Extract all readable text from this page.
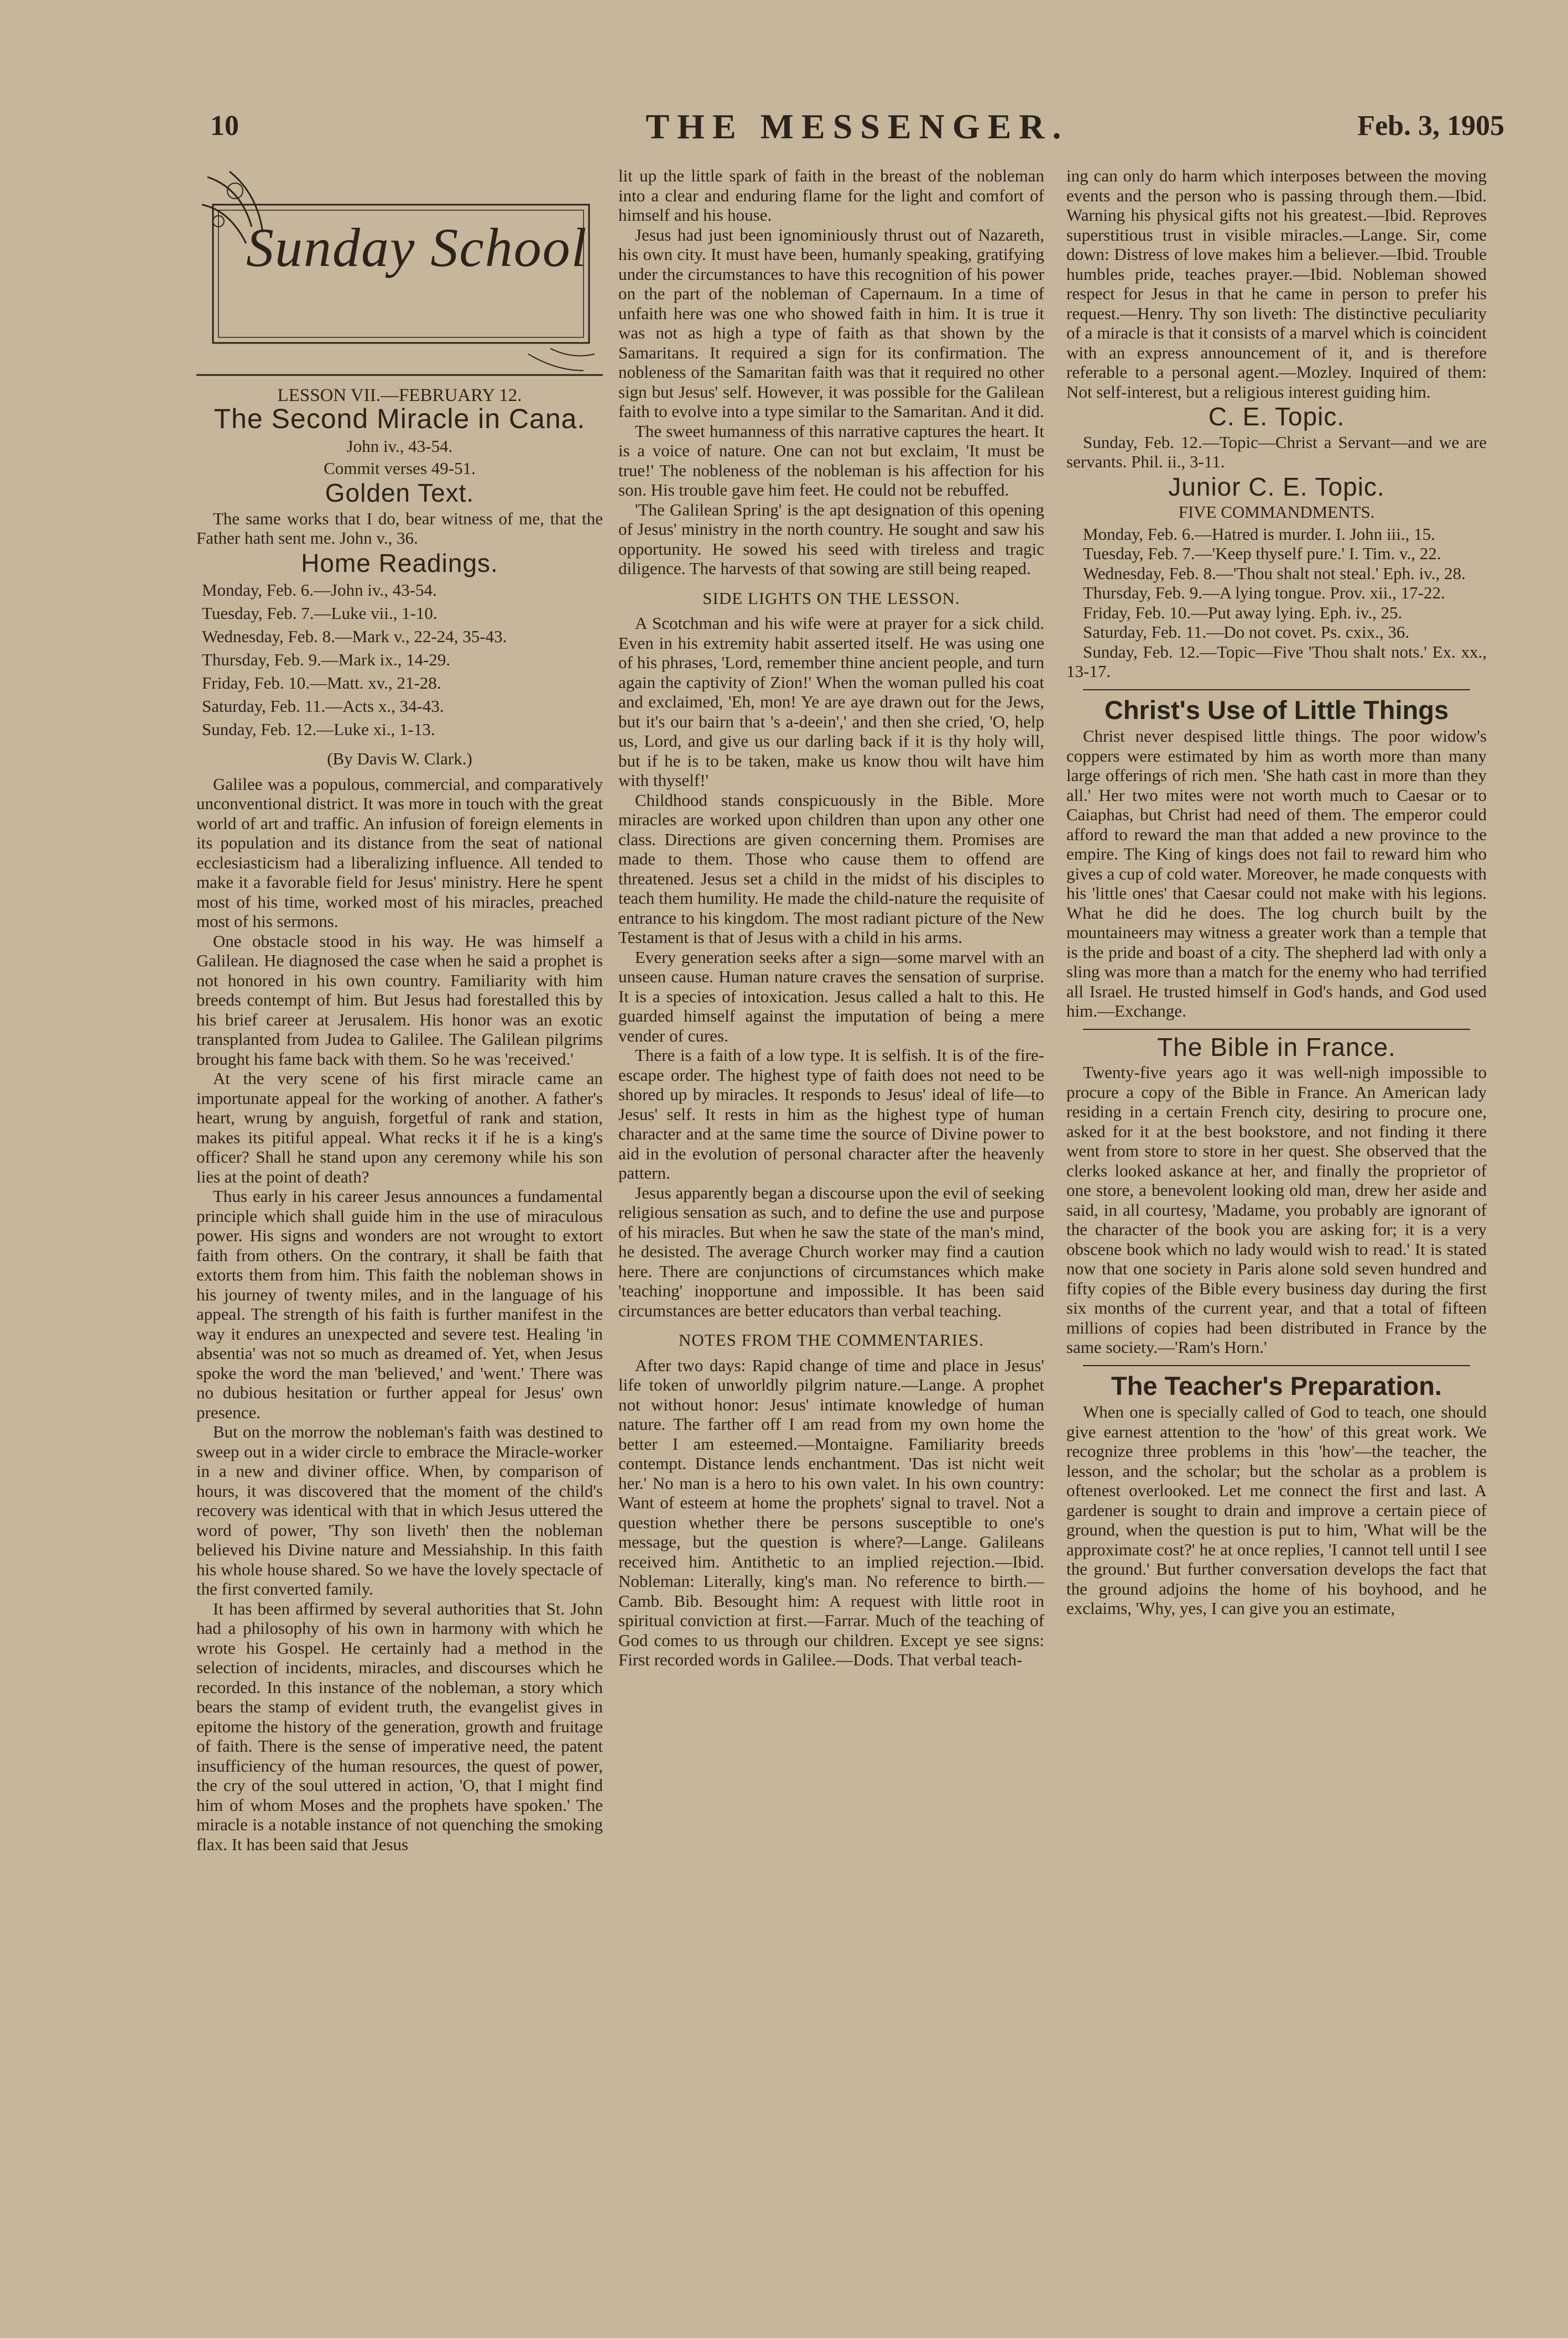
10	THE MESSENGER.	Feb. 3, 1905
Sunday School
LESSON VII.—FEBRUARY 12.
The Second Miracle in Cana.
John iv., 43-54.
Commit verses 49-51.
Golden Text.

The same works that I do, bear witness of me, that the Father hath sent me. John v., 36.

Home Readings.
Monday, Feb. 6.—John iv., 43-54.
Tuesday, Feb. 7.—Luke vii., 1-10.
Wednesday, Feb. 8.—Mark v., 22-24, 35-43.
Thursday, Feb. 9.—Mark ix., 14-29.
Friday, Feb. 10.—Matt. xv., 21-28.
Saturday, Feb. 11.—Acts x., 34-43.
Sunday, Feb. 12.—Luke xi., 1-13.
(By Davis W. Clark.)

Galilee was a populous, commercial, and comparatively unconventional district. It was more in touch with the great world of art and traffic. An infusion of foreign elements in its population and its distance from the seat of national ecclesiasticism had a liberalizing influence. All tended to make it a favorable field for Jesus' ministry. Here he spent most of his time, worked most of his miracles, preached most of his sermons.

One obstacle stood in his way. He was himself a Galilean. He diagnosed the case when he said a prophet is not honored in his own country. Familiarity with him breeds contempt of him. But Jesus had forestalled this by his brief career at Jerusalem. His honor was an exotic transplanted from Judea to Galilee. The Galilean pilgrims brought his fame back with them. So he was 'received.'

At the very scene of his first miracle came an importunate appeal for the working of another. A father's heart, wrung by anguish, forgetful of rank and station, makes its pitiful appeal. What recks it if he is a king's officer? Shall he stand upon any ceremony while his son lies at the point of death?

Thus early in his career Jesus announces a fundamental principle which shall guide him in the use of miraculous power. His signs and wonders are not wrought to extort faith from others. On the contrary, it shall be faith that extorts them from him. This faith the nobleman shows in his journey of twenty miles, and in the language of his appeal. The strength of his faith is further manifest in the way it endures an unexpected and severe test. Healing 'in absentia' was not so much as dreamed of. Yet, when Jesus spoke the word the man 'believed,' and 'went.' There was no dubious hesitation or further appeal for Jesus' own presence.

But on the morrow the nobleman's faith was destined to sweep out in a wider circle to embrace the Miracle-worker in a new and diviner office. When, by comparison of hours, it was discovered that the moment of the child's recovery was identical with that in which Jesus uttered the word of power, 'Thy son liveth' then the nobleman believed his Divine nature and Messiahship. In this faith his whole house shared. So we have the lovely spectacle of the first converted family.

It has been affirmed by several authorities that St. John had a philosophy of his own in harmony with which he wrote his Gospel. He certainly had a method in the selection of incidents, miracles, and discourses which he recorded. In this instance of the nobleman, a story which bears the stamp of evident truth, the evangelist gives in epitome the history of the generation, growth and fruitage of faith. There is the sense of imperative need, the patent insufficiency of the human resources, the quest of power, the cry of the soul uttered in action, 'O, that I might find him of whom Moses and the prophets have spoken.' The miracle is a notable instance of not quenching the smoking flax. It has been said that Jesus

lit up the little spark of faith in the breast of the nobleman into a clear and enduring flame for the light and comfort of himself and his house.

Jesus had just been ignominiously thrust out of Nazareth, his own city. It must have been, humanly speaking, gratifying under the circumstances to have this recognition of his power on the part of the nobleman of Capernaum. In a time of unfaith here was one who showed faith in him. It is true it was not as high a type of faith as that shown by the Samaritans. It required a sign for its confirmation. The nobleness of the Samaritan faith was that it required no other sign but Jesus' self. However, it was possible for the Galilean faith to evolve into a type similar to the Samaritan. And it did.

The sweet humanness of this narrative captures the heart. It is a voice of nature. One can not but exclaim, 'It must be true!' The nobleness of the nobleman is his affection for his son. His trouble gave him feet. He could not be rebuffed.

'The Galilean Spring' is the apt designation of this opening of Jesus' ministry in the north country. He sought and saw his opportunity. He sowed his seed with tireless and tragic diligence. The harvests of that sowing are still being reaped.

SIDE LIGHTS ON THE LESSON.

A Scotchman and his wife were at prayer for a sick child. Even in his extremity habit asserted itself. He was using one of his phrases, 'Lord, remember thine ancient people, and turn again the captivity of Zion!' When the woman pulled his coat and exclaimed, 'Eh, mon! Ye are aye drawn out for the Jews, but it's our bairn that 's a-deein',' and then she cried, 'O, help us, Lord, and give us our darling back if it is thy holy will, but if he is to be taken, make us know thou wilt have him with thyself!'

Childhood stands conspicuously in the Bible. More miracles are worked upon children than upon any other one class. Directions are given concerning them. Promises are made to them. Those who cause them to offend are threatened. Jesus set a child in the midst of his disciples to teach them humility. He made the child-nature the requisite of entrance to his kingdom. The most radiant picture of the New Testament is that of Jesus with a child in his arms.

Every generation seeks after a sign—some marvel with an unseen cause. Human nature craves the sensation of surprise. It is a species of intoxication. Jesus called a halt to this. He guarded himself against the imputation of being a mere vender of cures.

There is a faith of a low type. It is selfish. It is of the fire-escape order. The highest type of faith does not need to be shored up by miracles. It responds to Jesus' ideal of life—to Jesus' self. It rests in him as the highest type of human character and at the same time the source of Divine power to aid in the evolution of personal character after the heavenly pattern.

Jesus apparently began a discourse upon the evil of seeking religious sensation as such, and to define the use and purpose of his miracles. But when he saw the state of the man's mind, he desisted. The average Church worker may find a caution here. There are conjunctions of circumstances which make 'teaching' inopportune and impossible. It has been said circumstances are better educators than verbal teaching.

NOTES FROM THE COMMENTARIES.

After two days: Rapid change of time and place in Jesus' life token of unworldly pilgrim nature.—Lange. A prophet not without honor: Jesus' intimate knowledge of human nature. The farther off I am read from my own home the better I am esteemed.—Montaigne. Familiarity breeds contempt. Distance lends enchantment. 'Das ist nicht weit her.' No man is a hero to his own valet. In his own country: Want of esteem at home the prophets' signal to travel. Not a question whether there be persons susceptible to one's message, but the question is where?—Lange. Galileans received him. Antithetic to an implied rejection.—Ibid. Nobleman: Literally, king's man. No reference to birth.—Camb. Bib. Besought him: A request with little root in spiritual conviction at first.—Farrar. Much of the teaching of God comes to us through our children. Except ye see signs: First recorded words in Galilee.—Dods. That verbal teach-

ing can only do harm which interposes between the moving events and the person who is passing through them.—Ibid. Warning his physical gifts not his greatest.—Ibid. Reproves superstitious trust in visible miracles.—Lange. Sir, come down: Distress of love makes him a believer.—Ibid. Trouble humbles pride, teaches prayer.—Ibid. Nobleman showed respect for Jesus in that he came in person to prefer his request.—Henry. Thy son liveth: The distinctive peculiarity of a miracle is that it consists of a marvel which is coincident with an express announcement of it, and is therefore referable to a personal agent.—Mozley. Inquired of them: Not self-interest, but a religious interest guiding him.

C. E. Topic.

Sunday, Feb. 12.—Topic—Christ a Servant—and we are servants. Phil. ii., 3-11.

Junior C. E. Topic.
FIVE COMMANDMENTS.

Monday, Feb. 6.—Hatred is murder. I. John iii., 15.

Tuesday, Feb. 7.—'Keep thyself pure.' I. Tim. v., 22.

Wednesday, Feb. 8.—'Thou shalt not steal.' Eph. iv., 28.

Thursday, Feb. 9.—A lying tongue. Prov. xii., 17-22.

Friday, Feb. 10.—Put away lying. Eph. iv., 25.

Saturday, Feb. 11.—Do not covet. Ps. cxix., 36.

Sunday, Feb. 12.—Topic—Five 'Thou shalt nots.' Ex. xx., 13-17.

Christ's Use of Little Things

Christ never despised little things. The poor widow's coppers were estimated by him as worth more than many large offerings of rich men. 'She hath cast in more than they all.' Her two mites were not worth much to Caesar or to Caiaphas, but Christ had need of them. The emperor could afford to reward the man that added a new province to the empire. The King of kings does not fail to reward him who gives a cup of cold water. Moreover, he made conquests with his 'little ones' that Caesar could not make with his legions. What he did he does. The log church built by the mountaineers may witness a greater work than a temple that is the pride and boast of a city. The shepherd lad with only a sling was more than a match for the enemy who had terrified all Israel. He trusted himself in God's hands, and God used him.—Exchange.

The Bible in France.

Twenty-five years ago it was well-nigh impossible to procure a copy of the Bible in France. An American lady residing in a certain French city, desiring to procure one, asked for it at the best bookstore, and not finding it there went from store to store in her quest. She observed that the clerks looked askance at her, and finally the proprietor of one store, a benevolent looking old man, drew her aside and said, in all courtesy, 'Madame, you probably are ignorant of the character of the book you are asking for; it is a very obscene book which no lady would wish to read.' It is stated now that one society in Paris alone sold seven hundred and fifty copies of the Bible every business day during the first six months of the current year, and that a total of fifteen millions of copies had been distributed in France by the same society.—'Ram's Horn.'

The Teacher's Preparation.

When one is specially called of God to teach, one should give earnest attention to the 'how' of this great work. We recognize three problems in this 'how'—the teacher, the lesson, and the scholar; but the scholar as a problem is oftenest overlooked. Let me connect the first and last. A gardener is sought to drain and improve a certain piece of ground, when the question is put to him, 'What will be the approximate cost?' he at once replies, 'I cannot tell until I see the ground.' But further conversation develops the fact that the ground adjoins the home of his boyhood, and he exclaims, 'Why, yes, I can give you an estimate,
